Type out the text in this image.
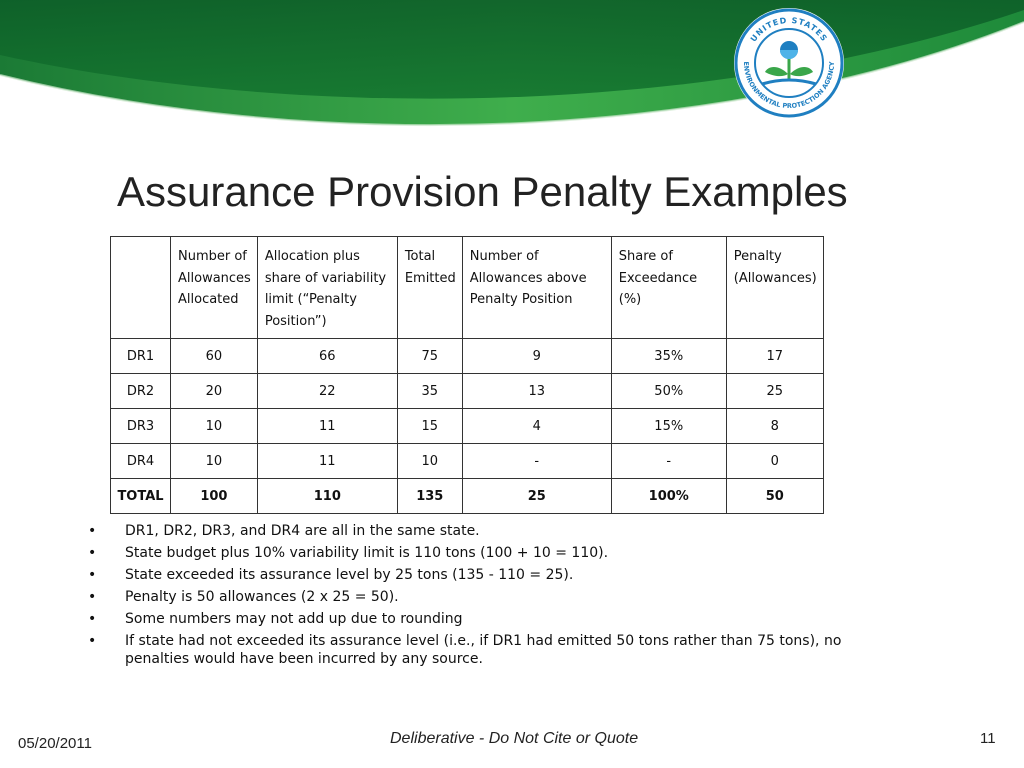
UNITED STATES
ENVIRONMENTAL PROTECTION AGENCY
Assurance Provision Penalty Examples
	Number of Allowances Allocated	Allocation plus share of variability limit (“Penalty Position”)	Total Emitted	Number of Allowances above Penalty Position	Share of Exceedance (%)	Penalty (Allowances)
DR1	60	66	75	9	35%	17
DR2	20	22	35	13	50%	25
DR3	10	11	15	4	15%	8
DR4	10	11	10	-	-	0
TOTAL	100	110	135	25	100%	50
• DR1, DR2, DR3, and DR4 are all in the same state.
• State budget plus 10% variability limit is 110 tons (100 + 10 = 110).
• State exceeded its assurance level by 25 tons (135 - 110 = 25).
• Penalty is 50 allowances (2 x 25 = 50).
• Some numbers may not add up due to rounding
• If state had not exceeded its assurance level (i.e., if DR1 had emitted 50 tons rather than 75 tons), no penalties would have been incurred by any source.
05/20/2011	Deliberative - Do Not Cite or Quote	11
